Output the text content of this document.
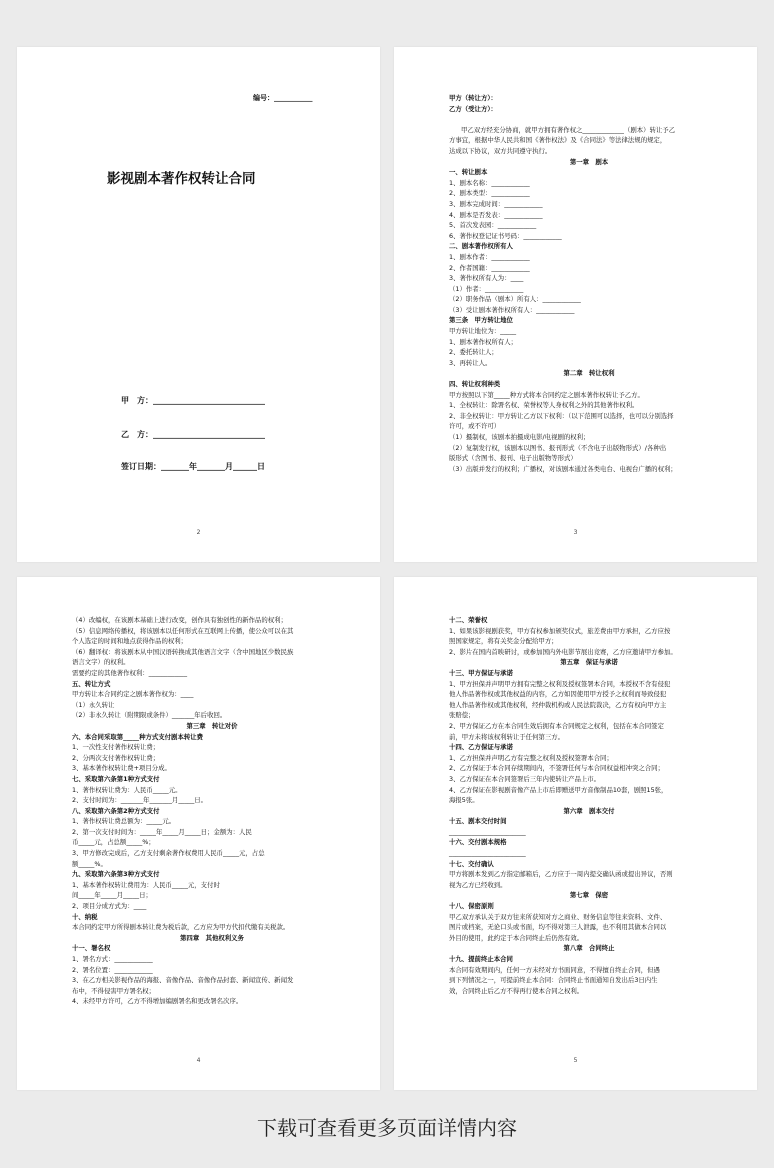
编号：___________
影视剧本著作权转让合同
甲　方：____________________________
乙　方：____________________________
签订日期：_______年_______月______日
2
甲方（转让方）：
乙方（受让方）：

甲乙双方经充分协商，就甲方拥有著作权之_____________（剧本）转让予乙
方事宜，根据中华人民共和国《著作权法》及《合同法》等法律法规的规定，
达成以下协议，双方共同遵守执行。
第一章　剧本
一、转让剧本
1、剧本名称：____________
2、剧本类型：____________
3、剧本完成时间：____________
4、剧本是否发表：____________
5、首次发表园：____________
6、著作权登记证书号码：____________
二、剧本著作权所有人
1、剧本作者：____________
2、作者国籍：____________
3、著作权所有人为：____
（1）作者：____________
（2）职务作品（剧本）所有人：____________
（3）受让剧本著作权所有人：____________
第三条　甲方转让地位
甲方转让地位为：_____
1、剧本著作权所有人；
2、委托转让人；
3、再转让人。
第二章　转让权利
四、转让权利种类
甲方按照以下第_____种方式将本合同约定之剧本著作权转让予乙方。
1、全权转让：除署名权、荣誉权等人身权利之外的其他著作权利。
2、非全权转让：甲方转让乙方以下权利：（以下范围可以选择，也可以分别选择
许可，或不许可）
（1）摄制权，该剧本拍摄成电影/电视剧的权利；
（2）复制发行权，该剧本以图书、报刊形式（不含电子出版物形式）/各种出
版形式（含图书、报刊、电子出版物等形式）
（3）出版并发行的权利；广播权，对该剧本通过各类电台、电视台广播的权利；
3
（4）改编权，在该剧本基础上进行改变，创作具有独创性的新作品的权利；
（5）信息网络传播权，将该剧本以任何形式在互联网上传播，使公众可以在其
个人选定的时间和地点获得作品的权利；
（6）翻译权：将该剧本从中国汉语转换成其他语言文字（含中国地区少数民族
语言文字）的权利。
需要约定的其他著作权利：____________
五、转让方式
甲方转让本合同约定之剧本著作权为：____
（1）永久转让
（2）非永久转让（附期限或条件）_______年后收回。
第三章　转让对价
六、本合同采取第_____种方式支付剧本转让费
1、一次性支付著作权转让费；
2、分两次支付著作权转让费；
3、基本著作权转让费+项目分成。
七、采取第六条第1种方式支付
1、著作权转让费为：人民币_____元。
2、支付时间为：_______年_______月_____日。
八、采取第六条第2种方式支付
1、著作权转让费总额为：_____元。
2、第一次支付时间为：_____年_____月_____日；金额为：人民
币_____元，占总额_____%；
3、甲方修改完成后，乙方支付剩余著作权费用人民币_____元，占总
额_____%。
九、采取第六条第3种方式支付
1、基本著作权转让费用为：人民币_____元，支付时
间_____年_____月_____日；
2、项目分成方式为：____
十、纳税
本合同约定甲方所得剧本转让费为税后款，乙方应为甲方代扣代缴有关税款。
第四章　其他权利义务
十一、署名权
1、署名方式：____________
2、署名位置：____________
3、在乙方相关影视作品的海报、音像作品、音像作品封套、新闻宣传、新闻发
布中，不得侵害甲方署名权；
4、未经甲方许可，乙方不得增加编剧署名和更改署名次序。
4
十二、荣誉权
1、如果该影视剧获奖，甲方有权参加颁奖仪式，旅差费由甲方承担，乙方应按
照国家规定，将有关奖金分配给甲方；
2、影片在国内首映研讨，或参加国内外电影节展出竞赛，乙方应邀请甲方参加。
第五章　保证与承诺
十三、甲方保证与承诺
1、甲方担保并声明甲方拥有完整之权利及授权签署本合同，本授权不含有侵犯
他人作品著作权或其他权益的内容，乙方如因使用甲方授予之权利而导致侵犯
他人作品著作权或其他权利，经仲裁机构或人民法院裁决，乙方有权向甲方主
张赔偿；
2、甲方保证乙方在本合同生效后拥有本合同规定之权利，包括在本合同签定
前，甲方未将该权利转让于任何第三方。
十四、乙方保证与承诺
1、乙方担保并声明乙方有完整之权利及授权签署本合同；
2、乙方保证于本合同存续期间内，不签署任何与本合同权益相冲突之合同；
3、乙方保证在本合同签署后三年内使转让产品上市。
4、乙方保证在影视剧音像产品上市后即赠送甲方音像制品10套，剧照15张，
海报5张。
第六章　剧本交付
十五、剧本交付时间
________________________
十六、交付剧本规格
________________________
十七、交付确认
甲方将剧本发到乙方指定邮箱后，乙方应于一周内提交确认函或提出异议，否则
视为乙方已经收到。
第七章　保密
十八、保密原则
甲乙双方承认关于双方往来所获知对方之商业、财务信息等往来资料、文件、
图片或档案，无论口头或书面，均不得对第三人泄露，也不利用其做本合同以
外目的使用，此约定于本合同终止后仍然有效。
第八章　合同终止
十九、提前终止本合同
本合同有效期间内，任何一方未经对方书面同意，不得擅自终止合同，但遇
到下列情况之一，可提前终止本合同：合同终止书面通知自发出后3日内生
效，合同终止后乙方不得再行使本合同之权利。
5
下载可查看更多页面详情内容
